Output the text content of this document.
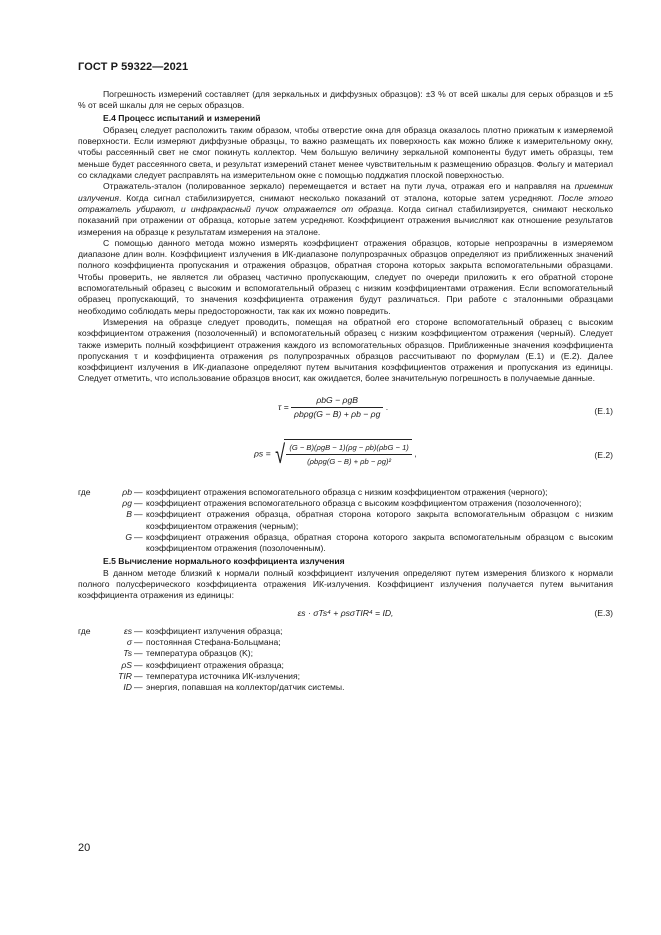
ГОСТ Р 59322—2021

Погрешность измерений составляет (для зеркальных и диффузных образцов): ±3 % от всей шкалы для серых образцов и ±5 % от всей шкалы для не серых образцов.

Е.4 Процесс испытаний и измерений

Образец следует расположить таким образом, чтобы отверстие окна для образца оказалось плотно прижатым к измеряемой поверхности. Если измеряют диффузные образцы, то важно размещать их поверхность как можно ближе к измерительному окну, чтобы рассеянный свет не смог покинуть коллектор. Чем большую величину зеркальной компоненты будут иметь образцы, тем меньше будет рассеянного света, и результат измерений станет менее чувствительным к размещению образцов. Фольгу и материал со складками следует расправлять на измерительном окне с помощью подджатия плоской поверхностью.

Отражатель-эталон (полированное зеркало) перемещается и встает на пути луча, отражая его и направляя на приемник излучения. Когда сигнал стабилизируется, снимают несколько показаний от эталона, которые затем усредняют. После этого отражатель убирают, и инфракрасный пучок отражается от образца. Когда сигнал стабилизируется, снимают несколько показаний при отражении от образца, которые затем усредняют. Коэффициент отражения вычисляют как отношение результатов измерения на образце к результатам измерения на эталоне.

С помощью данного метода можно измерять коэффициент отражения образцов, которые непрозрачны в измеряемом диапазоне длин волн. Коэффициент излучения в ИК-диапазоне полупрозрачных образцов определяют из приближенных значений полного коэффициента пропускания и отражения образцов, обратная сторона которых закрыта вспомогательными образцами. Чтобы проверить, не является ли образец частично пропускающим, следует по очереди приложить к его обратной стороне вспомогательный образец с высоким и вспомогательный образец с низким коэффициентами отражения. Если вспомогательный образец пропускающий, то значения коэффициента отражения будут различаться. При работе с эталонными образцами необходимо соблюдать меры предосторожности, так как их можно повредить.

Измерения на образце следует проводить, помещая на обратной его стороне вспомогательный образец с высоким коэффициентом отражения (позолоченный) и вспомогательный образец с низким коэффициентом отражения (черный). Следует также измерить полный коэффициент отражения каждого из вспомогательных образцов. Приближенные значения коэффициента пропускания τ и коэффициента отражения ρs полупрозрачных образцов рассчитывают по формулам (Е.1) и (Е.2). Далее коэффициент излучения в ИК-диапазоне определяют путем вычитания коэффициентов отражения и пропускания из единицы. Следует отметить, что использование образцов вносит, как ожидается, более значительную погрешность в получаемые данные.

$\tau = \frac{\text{ρbG − ρgB}}{\text{ρbρg(G − B) + ρb − ρg}}$ .	(Е.1)
ρs = √ $\frac{\text{(G − B)(ρgB − 1)(ρg − ρb)(ρbG − 1)}}{\text{(ρbρg(G − B) + ρb − ρg)²}}$ ,	(Е.2)
где	ρb — коэффициент отражения вспомогательного образца с низким коэффициентом отражения (черного);
ρg — коэффициент отражения вспомогательного образца с высоким коэффициентом отражения (позолоченного);
B — коэффициент отражения образца, обратная сторона которого закрыта вспомогательным образцом с низким коэффициентом отражения (черным);
G — коэффициент отражения образца, обратная сторона которого закрыта вспомогательным образцом с высоким коэффициентом отражения (позолоченным).
Е.5 Вычисление нормального коэффициента излучения

В данном методе близкий к нормали полный коэффициент излучения определяют путем измерения близкого к нормали полного полусферического коэффициента отражения ИК-излучения. Коэффициент излучения получается путем вычитания коэффициента отражения из единицы:

εs · σTs⁴ + ρsσTIR⁴ = ID,	(Е.3)
где	εs — коэффициент излучения образца;
σ — постоянная Стефана-Больцмана;
Ts — температура образцов (K);
ρS — коэффициент отражения образца;
TIR — температура источника ИК-излучения;
ID — энергия, попавшая на коллектор/датчик системы.
20
